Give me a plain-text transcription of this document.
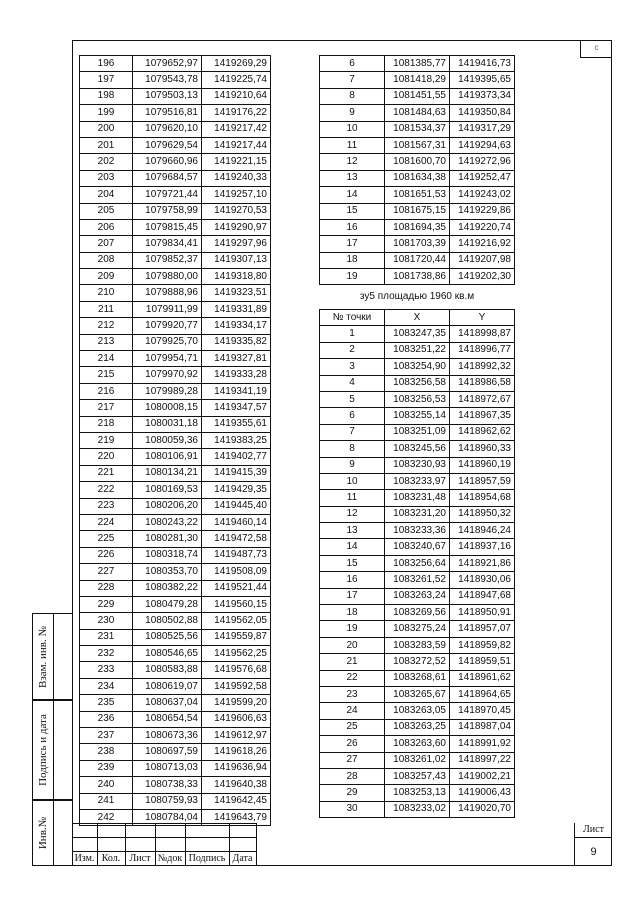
с
196	1079652,97	1419269,29
197	1079543,78	1419225,74
198	1079503,13	1419210,64
199	1079516,81	1419176,22
200	1079620,10	1419217,42
201	1079629,54	1419217,44
202	1079660,96	1419221,15
203	1079684,57	1419240,33
204	1079721,44	1419257,10
205	1079758,99	1419270,53
206	1079815,45	1419290,97
207	1079834,41	1419297,96
208	1079852,37	1419307,13
209	1079880,00	1419318,80
210	1079888,96	1419323,51
211	1079911,99	1419331,89
212	1079920,77	1419334,17
213	1079925,70	1419335,82
214	1079954,71	1419327,81
215	1079970,92	1419333,28
216	1079989,28	1419341,19
217	1080008,15	1419347,57
218	1080031,18	1419355,61
219	1080059,36	1419383,25
220	1080106,91	1419402,77
221	1080134,21	1419415,39
222	1080169,53	1419429,35
223	1080206,20	1419445,40
224	1080243,22	1419460,14
225	1080281,30	1419472,58
226	1080318,74	1419487,73
227	1080353,70	1419508,09
228	1080382,22	1419521,44
229	1080479,28	1419560,15
230	1080502,88	1419562,05
231	1080525,56	1419559,87
232	1080546,65	1419562,25
233	1080583,88	1419576,68
234	1080619,07	1419592,58
235	1080637,04	1419599,20
236	1080654,54	1419606,63
237	1080673,36	1419612,97
238	1080697,59	1419618,26
239	1080713,03	1419636,94
240	1080738,33	1419640,38
241	1080759,93	1419642,45
242	1080784,04	1419643,79
6	1081385,77	1419416,73
7	1081418,29	1419395,65
8	1081451,55	1419373,34
9	1081484,63	1419350,84
10	1081534,37	1419317,29
11	1081567,31	1419294,63
12	1081600,70	1419272,96
13	1081634,38	1419252,47
14	1081651,53	1419243,02
15	1081675,15	1419229,86
16	1081694,35	1419220,74
17	1081703,39	1419216,92
18	1081720,44	1419207,98
19	1081738,86	1419202,30
зу5 площадью 1960 кв.м
№ точки	X	Y
1	1083247,35	1418998,87
2	1083251,22	1418996,77
3	1083254,90	1418992,32
4	1083256,58	1418986,58
5	1083256,53	1418972,67
6	1083255,14	1418967,35
7	1083251,09	1418962,62
8	1083245,56	1418960,33
9	1083230,93	1418960,19
10	1083233,97	1418957,59
11	1083231,48	1418954,68
12	1083231,20	1418950,32
13	1083233,36	1418946,24
14	1083240,67	1418937,16
15	1083256,64	1418921,86
16	1083261,52	1418930,06
17	1083263,24	1418947,68
18	1083269,56	1418950,91
19	1083275,24	1418957,07
20	1083283,59	1418959,82
21	1083272,52	1418959,51
22	1083268,61	1418961,62
23	1083265,67	1418964,65
24	1083263,05	1418970,45
25	1083263,25	1418987,04
26	1083263,60	1418991,92
27	1083261,02	1418997,22
28	1083257,43	1419002,21
29	1083253,13	1419006,43
30	1083233,02	1419020,70
Взам. инв. №
Подпись и дата
Инв.№
Изм. Кол. Лист №док Подпись Дата
Лист
9
